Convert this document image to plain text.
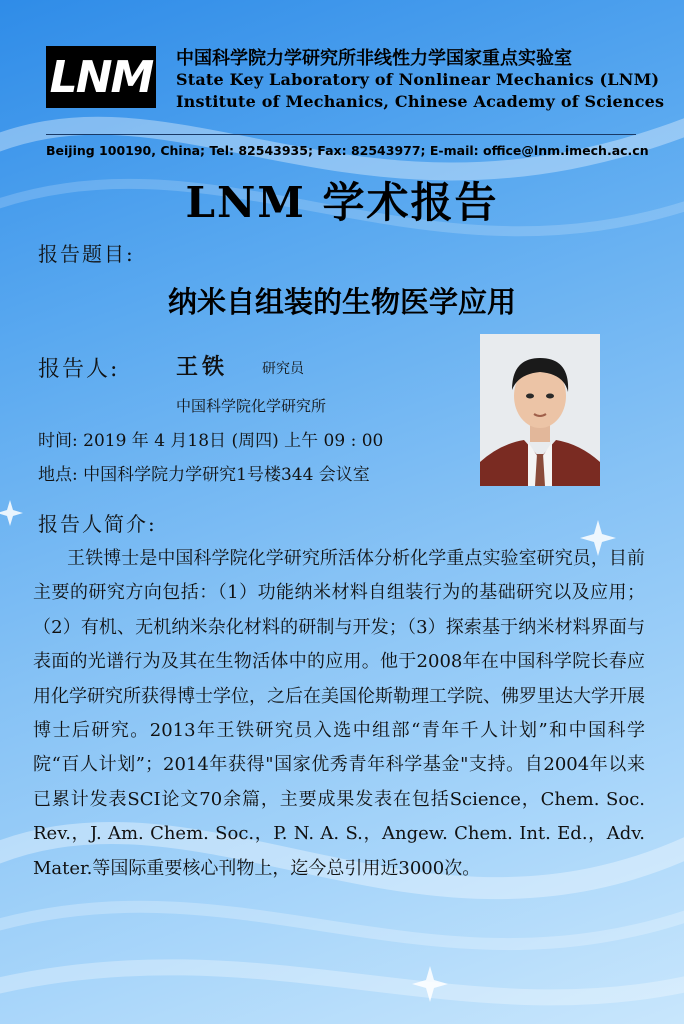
LNM 中国科学院力学研究所非线性力学国家重点实验室
State Key Laboratory of Nonlinear Mechanics (LNM)
Institute of Mechanics, Chinese Academy of Sciences
Beijing 100190, China; Tel: 82543935; Fax: 82543977; E-mail: office@lnm.imech.ac.cn
LNM 学术报告
报告题目:
纳米自组装的生物医学应用
报告人:	王铁 研究员
中国科学院化学研究所
时间: 2019 年 4 月18日 (周四) 上午 09 : 00
地点: 中国科学院力学研究1号楼344 会议室
报告人简介:
王铁博士是中国科学院化学研究所活体分析化学重点实验室研究员，目前主要的研究方向包括：（1）功能纳米材料自组装行为的基础研究以及应用；（2）有机、无机纳米杂化材料的研制与开发；（3）探索基于纳米材料界面与表面的光谱行为及其在生物活体中的应用。他于2008年在中国科学院长春应用化学研究所获得博士学位，之后在美国伦斯勒理工学院、佛罗里达大学开展博士后研究。2013年王铁研究员入选中组部“青年千人计划”和中国科学院“百人计划”；2014年获得"国家优秀青年科学基金"支持。自2004年以来已累计发表SCI论文70余篇，主要成果发表在包括Science，Chem. Soc. Rev.，J. Am. Chem. Soc.，P. N. A. S.，Angew. Chem. Int. Ed.，Adv. Mater.等国际重要核心刊物上，迄今总引用近3000次。
